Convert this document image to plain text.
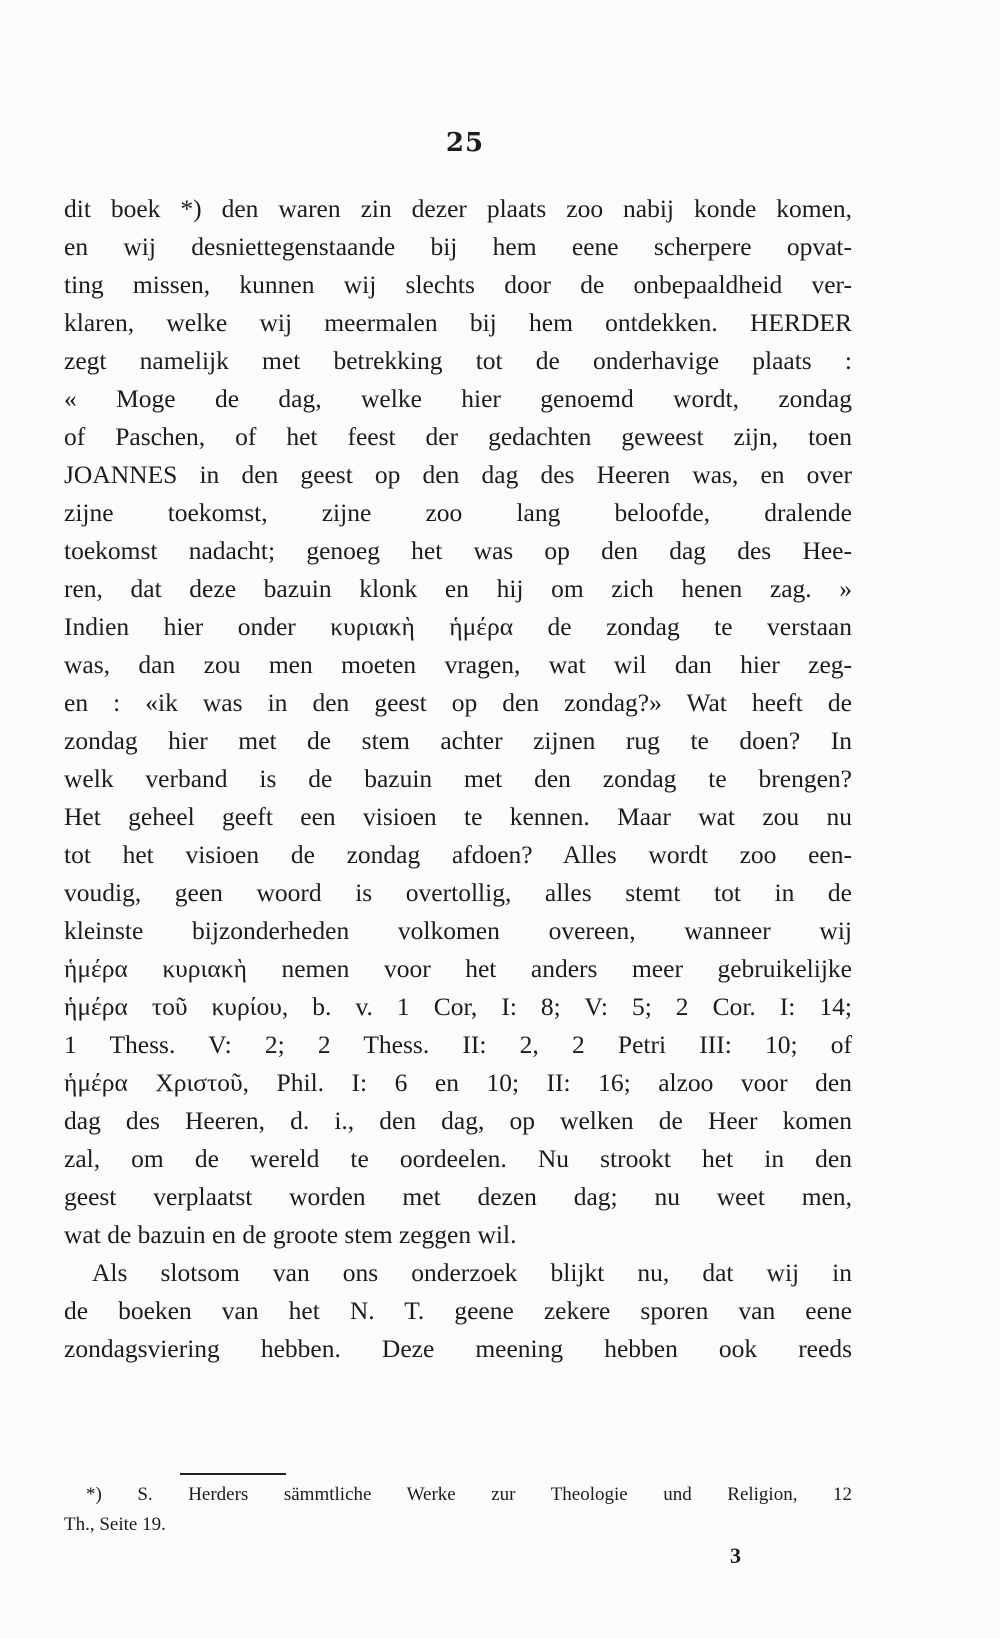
25
dit boek *) den waren zin dezer plaats zoo nabij konde komen,
en wij desniettegenstaande bij hem eene scherpere opvat-
ting missen, kunnen wij slechts door de onbepaaldheid ver-
klaren, welke wij meermalen bij hem ontdekken. HERDER
zegt namelijk met betrekking tot de onderhavige plaats :
« Moge de dag, welke hier genoemd wordt, zondag
of Paschen, of het feest der gedachten geweest zijn, toen
JOANNES in den geest op den dag des Heeren was, en over
zijne toekomst, zijne zoo lang beloofde, dralende
toekomst nadacht; genoeg het was op den dag des Hee-
ren, dat deze bazuin klonk en hij om zich henen zag. »
Indien hier onder κυριακὴ ἡμέρα de zondag te verstaan
was, dan zou men moeten vragen, wat wil dan hier zeg-
en : «ik was in den geest op den zondag?» Wat heeft de
zondag hier met de stem achter zijnen rug te doen? In
welk verband is de bazuin met den zondag te brengen?
Het geheel geeft een visioen te kennen. Maar wat zou nu
tot het visioen de zondag afdoen? Alles wordt zoo een-
voudig, geen woord is overtollig, alles stemt tot in de
kleinste bijzonderheden volkomen overeen, wanneer wij
ἡμέρα κυριακὴ nemen voor het anders meer gebruikelijke
ἡμέρα τοῦ κυρίου, b. v. 1 Cor, I: 8; V: 5; 2 Cor. I: 14;
1 Thess. V: 2; 2 Thess. II: 2, 2 Petri III: 10; of
ἡμέρα Χριστοῦ, Phil. I: 6 en 10; II: 16; alzoo voor den
dag des Heeren, d. i., den dag, op welken de Heer komen
zal, om de wereld te oordeelen. Nu strookt het in den
geest verplaatst worden met dezen dag; nu weet men,
wat de bazuin en de groote stem zeggen wil.
Als slotsom van ons onderzoek blijkt nu, dat wij in
de boeken van het N. T. geene zekere sporen van eene
zondagsviering hebben. Deze meening hebben ook reeds
*) S. Herders sämmtliche Werke zur Theologie und Religion, 12
Th., Seite 19.
3
